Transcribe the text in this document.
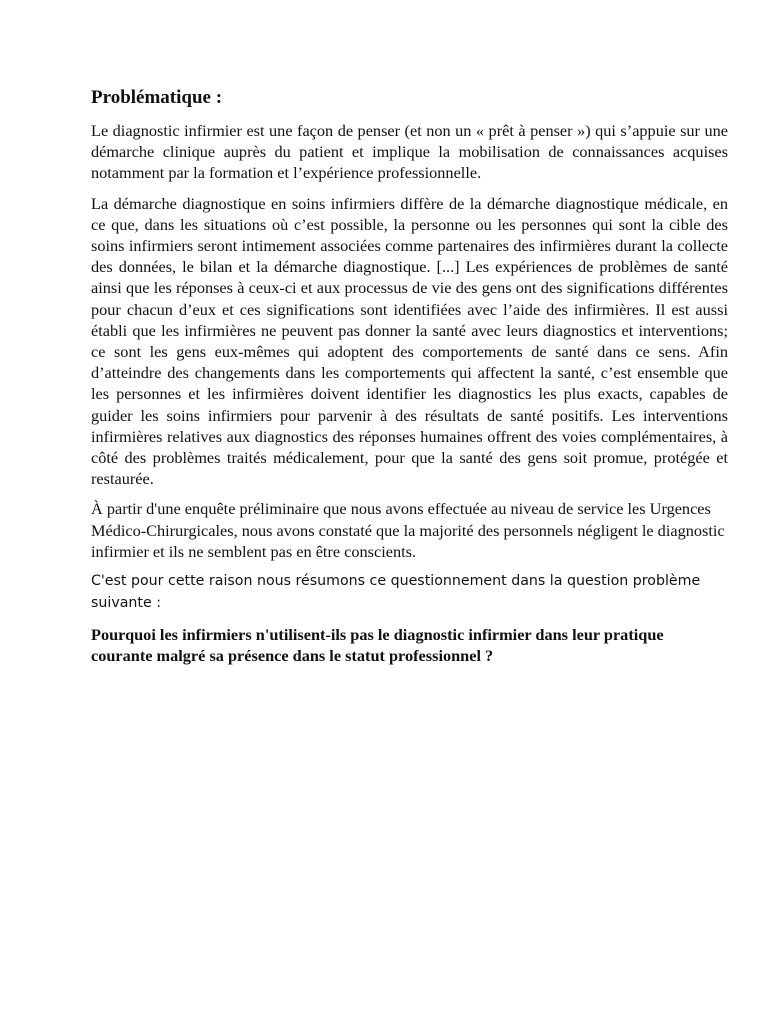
Problématique :

Le diagnostic infirmier est une façon de penser (et non un « prêt à penser ») qui s’appuie sur une démarche clinique auprès du patient et implique la mobilisation de connaissances acquises notamment par la formation et l’expérience professionnelle.

La démarche diagnostique en soins infirmiers diffère de la démarche diagnostique médicale, en ce que, dans les situations où c’est possible, la personne ou les personnes qui sont la cible des soins infirmiers seront intimement associées comme partenaires des infirmières durant la collecte des données, le bilan et la démarche diagnostique. [...] Les expériences de problèmes de santé ainsi que les réponses à ceux-ci et aux processus de vie des gens ont des significations différentes pour chacun d’eux et ces significations sont identifiées avec l’aide des infirmières. Il est aussi établi que les infirmières ne peuvent pas donner la santé avec leurs diagnostics et interventions; ce sont les gens eux-mêmes qui adoptent des comportements de santé dans ce sens. Afin d’atteindre des changements dans les comportements qui affectent la santé, c’est ensemble que les personnes et les infirmières doivent identifier les diagnostics les plus exacts, capables de guider les soins infirmiers pour parvenir à des résultats de santé positifs. Les interventions infirmières relatives aux diagnostics des réponses humaines offrent des voies complémentaires, à côté des problèmes traités médicalement, pour que la santé des gens soit promue, protégée et restaurée.

À partir d'une enquête préliminaire que nous avons effectuée au niveau de service les Urgences Médico-Chirurgicales, nous avons constaté que la majorité des personnels négligent le diagnostic infirmier et ils ne semblent pas en être conscients.

C'est pour cette raison nous résumons ce questionnement dans la question problème suivante :

Pourquoi les infirmiers n'utilisent-ils pas le diagnostic infirmier dans leur pratique courante malgré sa présence dans le statut professionnel ?
